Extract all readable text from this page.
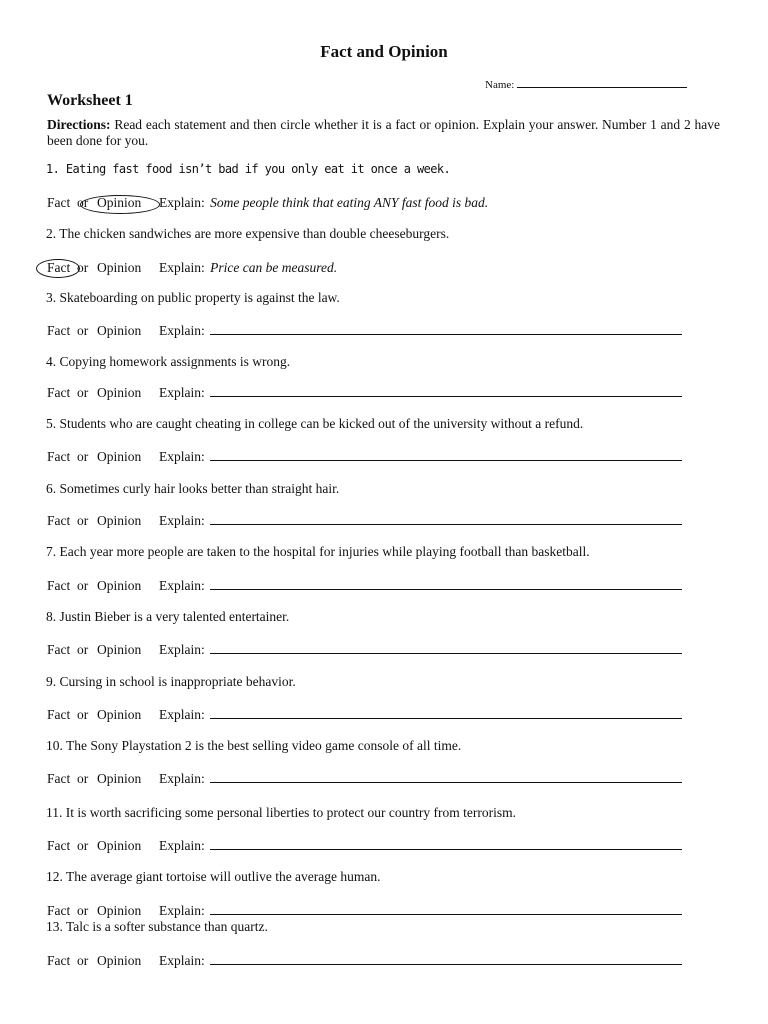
Fact and Opinion
Name:
Worksheet 1
Directions: Read each statement and then circle whether it is a fact or opinion. Explain your answer. Number 1 and 2 have been done for you.
1. Eating fast food isn’t bad if you only eat it once a week.
Fact or Opinion Explain: Some people think that eating ANY fast food is bad.
2. The chicken sandwiches are more expensive than double cheeseburgers.
Fact or Opinion Explain: Price can be measured.
3. Skateboarding on public property is against the law.
Fact or Opinion Explain:
4. Copying homework assignments is wrong.
Fact or Opinion Explain:
5. Students who are caught cheating in college can be kicked out of the university without a refund.
Fact or Opinion Explain:
6. Sometimes curly hair looks better than straight hair.
Fact or Opinion Explain:
7. Each year more people are taken to the hospital for injuries while playing football than basketball.
Fact or Opinion Explain:
8. Justin Bieber is a very talented entertainer.
Fact or Opinion Explain:
9. Cursing in school is inappropriate behavior.
Fact or Opinion Explain:
10. The Sony Playstation 2 is the best selling video game console of all time.
Fact or Opinion Explain:
11. It is worth sacrificing some personal liberties to protect our country from terrorism.
Fact or Opinion Explain:
12. The average giant tortoise will outlive the average human.
Fact or Opinion Explain:
13. Talc is a softer substance than quartz.
Fact or Opinion Explain:
